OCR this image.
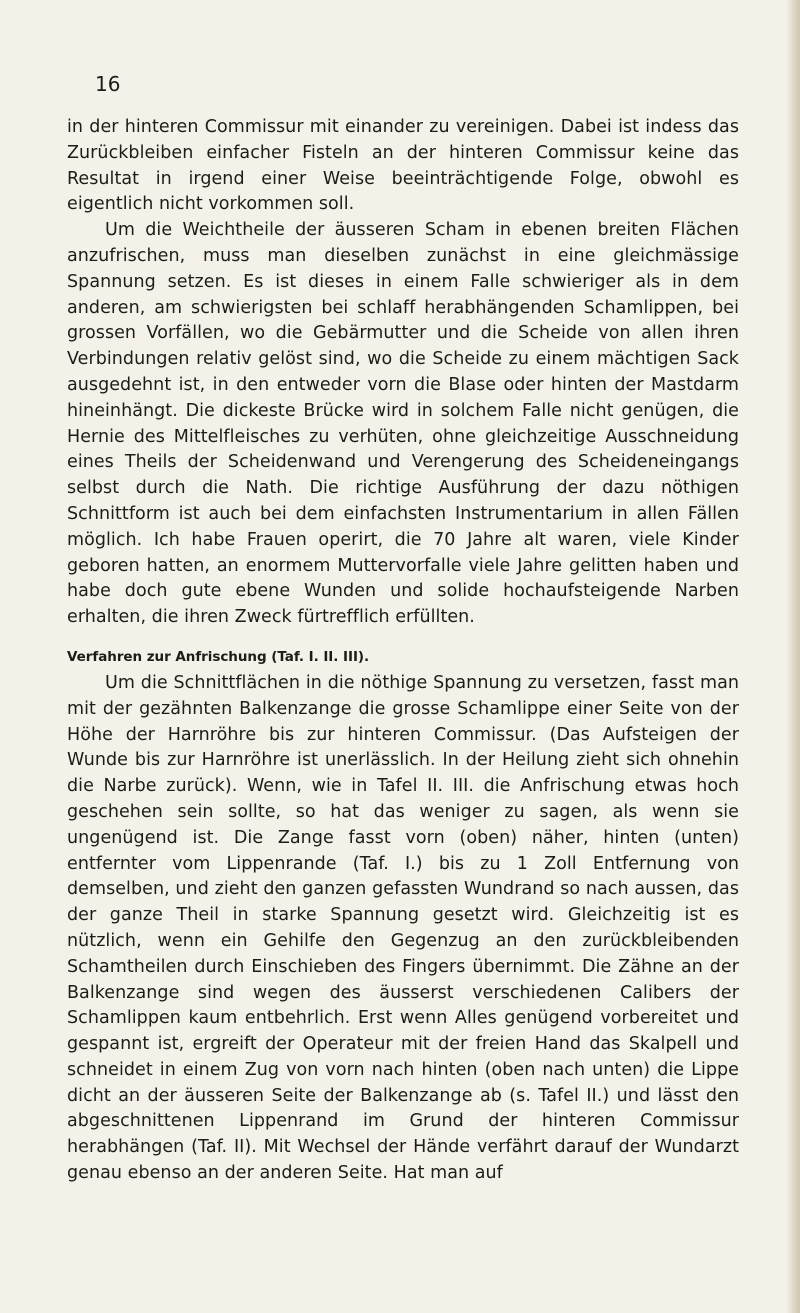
16

in der hinteren Commissur mit einander zu vereinigen. Dabei ist indess das Zurückbleiben einfacher Fisteln an der hinteren Commissur keine das Resultat in irgend einer Weise beeinträchtigende Folge, obwohl es eigentlich nicht vorkommen soll.

Um die Weichtheile der äusseren Scham in ebenen breiten Flächen anzufrischen, muss man dieselben zunächst in eine gleichmässige Spannung setzen. Es ist dieses in einem Falle schwieriger als in dem anderen, am schwierigsten bei schlaff herabhängenden Schamlippen, bei grossen Vorfällen, wo die Gebärmutter und die Scheide von allen ihren Verbindungen relativ gelöst sind, wo die Scheide zu einem mächtigen Sack ausgedehnt ist, in den entweder vorn die Blase oder hinten der Mastdarm hineinhängt. Die dickeste Brücke wird in solchem Falle nicht genügen, die Hernie des Mittelfleisches zu verhüten, ohne gleichzeitige Ausschneidung eines Theils der Scheidenwand und Verengerung des Scheideneingangs selbst durch die Nath. Die richtige Ausführung der dazu nöthigen Schnittform ist auch bei dem einfachsten Instrumentarium in allen Fällen möglich. Ich habe Frauen operirt, die 70 Jahre alt waren, viele Kinder geboren hatten, an enormem Muttervorfalle viele Jahre gelitten haben und habe doch gute ebene Wunden und solide hochaufsteigende Narben erhalten, die ihren Zweck fürtrefflich erfüllten.

Verfahren zur Anfrischung (Taf. I. II. III).

Um die Schnittflächen in die nöthige Spannung zu versetzen, fasst man mit der gezähnten Balkenzange die grosse Schamlippe einer Seite von der Höhe der Harnröhre bis zur hinteren Commissur. (Das Aufsteigen der Wunde bis zur Harnröhre ist unerlässlich. In der Heilung zieht sich ohnehin die Narbe zurück). Wenn, wie in Tafel II. III. die Anfrischung etwas hoch geschehen sein sollte, so hat das weniger zu sagen, als wenn sie ungenügend ist. Die Zange fasst vorn (oben) näher, hinten (unten) entfernter vom Lippenrande (Taf. I.) bis zu 1 Zoll Entfernung von demselben, und zieht den ganzen gefassten Wundrand so nach aussen, das der ganze Theil in starke Spannung gesetzt wird. Gleichzeitig ist es nützlich, wenn ein Gehilfe den Gegenzug an den zurückbleibenden Schamtheilen durch Einschieben des Fingers übernimmt. Die Zähne an der Balkenzange sind wegen des äusserst verschiedenen Calibers der Schamlippen kaum entbehrlich. Erst wenn Alles genügend vorbereitet und gespannt ist, ergreift der Operateur mit der freien Hand das Skalpell und schneidet in einem Zug von vorn nach hinten (oben nach unten) die Lippe dicht an der äusseren Seite der Balkenzange ab (s. Tafel II.) und lässt den abgeschnittenen Lippenrand im Grund der hinteren Commissur herabhängen (Taf. II). Mit Wechsel der Hände verfährt darauf der Wundarzt genau ebenso an der anderen Seite. Hat man auf
